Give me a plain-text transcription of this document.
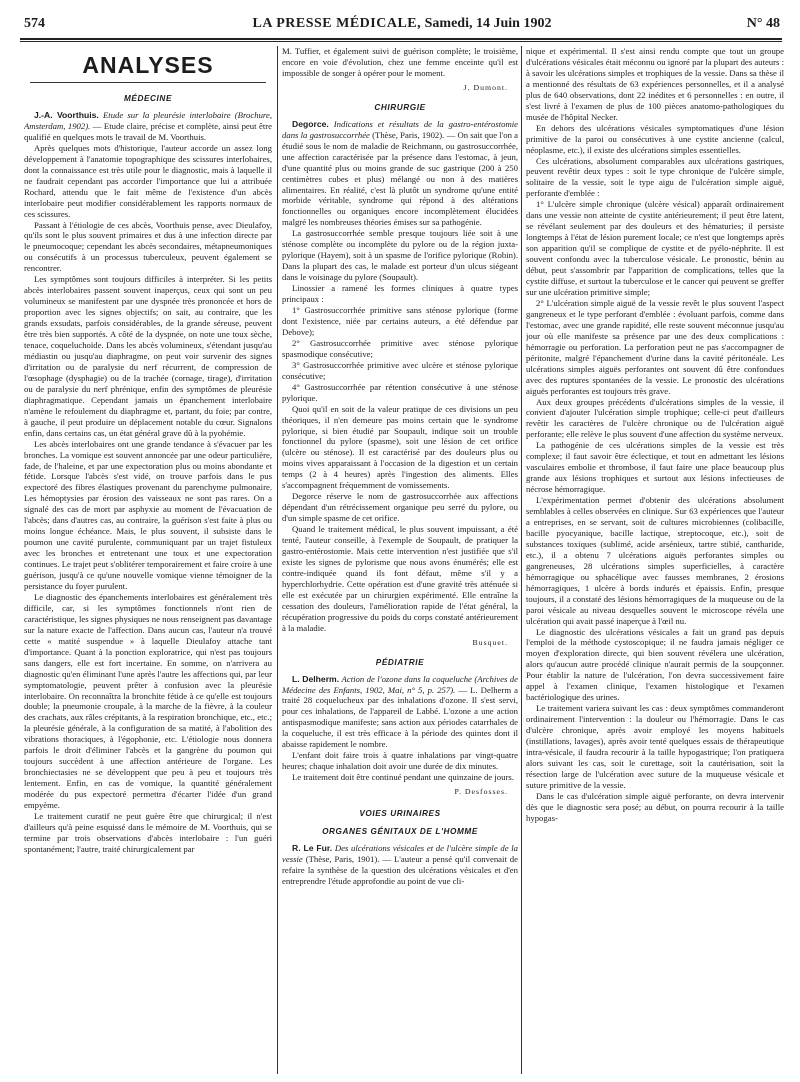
574	LA PRESSE MÉDICALE, Samedi, 14 Juin 1902	N° 48
ANALYSES
MÉDECINE

J.-A. Voorthuis. Etude sur la pleurésie interlobaire (Brochure, Amsterdam, 1902). — Etude claire, précise et complète, ainsi peut être qualifié en quelques mots le travail de M. Voorthuis.

Après quelques mots d'historique, l'auteur accorde un assez long développement à l'anatomie topographique des scissures interlobaires, dont la connaissance est très utile pour le diagnostic, mais à laquelle il ne faudrait cependant pas accorder l'importance que lui a attribuée Rochard, attendu que le fait même de l'existence d'un abcès interlobaire peut modifier considérablement les rapports normaux de ces scissures.

Passant à l'étiologie de ces abcès, Voorthuis pense, avec Dieulafoy, qu'ils sont le plus souvent primaires et dus à une infection directe par le pneumocoque; cependant les abcès secondaires, métapneumoniques ou consécutifs à un processus tuberculeux, peuvent également se rencontrer.

Les symptômes sont toujours difficiles à interpréter. Si les petits abcès interlobaires passent souvent inaperçus, ceux qui sont un peu volumineux se manifestent par une dyspnée très prononcée et hors de proportion avec les signes objectifs; on sait, au contraire, que les grands exsudats, parfois considérables, de la grande séreuse, peuvent être très bien supportés. A côté de la dyspnée, on note une toux sèche, tenace, coqueluchoïde. Dans les abcès volumineux, s'étendant jusqu'au médiastin ou jusqu'au diaphragme, on peut voir survenir des signes d'irritation ou de paralysie du nerf récurrent, de compression de l'œsophage (dysphagie) ou de la trachée (cornage, tirage), d'irritation ou de paralysie du nerf phrénique, enfin des symptômes de pleurésie diaphragmatique. Cependant jamais un épanchement interlobaire n'amène le refoulement du diaphragme et, partant, du foie; par contre, à gauche, il peut produire un déplacement notable du cœur. Signalons enfin, dans certains cas, un état général grave dû à la pyohémie.

Les abcès interlobaires ont une grande tendance à s'évacuer par les bronches. La vomique est souvent annoncée par une odeur particulière, fade, de l'haleine, et par une expectoration plus ou moins abondante et fétide. Lorsque l'abcès s'est vidé, on trouve parfois dans le pus expectoré des fibres élastiques provenant du parenchyme pulmonaire. Les hémoptysies par érosion des vaisseaux ne sont pas rares. On a signalé des cas de mort par asphyxie au moment de l'évacuation de l'abcès; dans d'autres cas, au contraire, la guérison s'est faite à plus ou moins longue échéance. Mais, le plus souvent, il subsiste dans le poumon une cavité purulente, communiquant par un trajet fistuleux avec les bronches et entretenant une toux et une expectoration continues. Le trajet peut s'oblitérer temporairement et faire croire à une guérison, jusqu'à ce qu'une nouvelle vomique vienne témoigner de la persistance du foyer purulent.

Le diagnostic des épanchements interlobaires est généralement très difficile, car, si les symptômes fonctionnels n'ont rien de caractéristique, les signes physiques ne nous renseignent pas davantage sur la nature exacte de l'affection. Dans aucun cas, l'auteur n'a trouvé cette « matité suspendue » à laquelle Dieulafoy attache tant d'importance. Quant à la ponction exploratrice, qui n'est pas toujours sans dangers, elle est fort incertaine. En somme, on n'arrivera au diagnostic qu'en éliminant l'une après l'autre les affections qui, par leur symptomatologie, peuvent prêter à confusion avec la pleurésie interlobaire. On reconnaîtra la bronchite fétide à ce qu'elle est toujours double; la pneumonie croupale, à la marche de la fièvre, à la couleur des crachats, aux râles crépitants, à la respiration bronchique, etc., etc.; la pleurésie générale, à la configuration de sa matité, à l'abolition des vibrations thoraciques, à l'égophonie, etc. L'étiologie nous donnera parfois le droit d'éliminer l'abcès et la gangrène du poumon qui toujours succèdent à une affection antérieure de l'organe. Les bronchiectasies ne se développent que peu à peu et toujours très lentement. Enfin, en cas de vomique, la quantité généralement modérée du pus expectoré permettra d'écarter l'idée d'un grand empyème.

Le traitement curatif ne peut guère être que chirurgical; il n'est d'ailleurs qu'à peine esquissé dans le mémoire de M. Voorthuis, qui se termine par trois observations d'abcès interlobaire : l'un guéri spontanément; l'autre, traité chirurgicalement par

M. Tuffier, et également suivi de guérison complète; le troisième, encore en voie d'évolution, chez une femme enceinte qu'il est impossible de songer à opérer pour le moment.

J. Dumont.
CHIRURGIE

Degorce. Indications et résultats de la gastro-entérostomie dans la gastrosuccorrhée (Thèse, Paris, 1902). — On sait que l'on a étudié sous le nom de maladie de Reichmann, ou gastrosuccorrhée, une affection caractérisée par la présence dans l'estomac, à jeun, d'une quantité plus ou moins grande de suc gastrique (200 à 250 centimètres cubes et plus) mélangé ou non à des matières alimentaires. En réalité, c'est là plutôt un syndrome qu'une entité morbide véritable, syndrome qui répond à des altérations fonctionnelles ou organiques encore incomplètement élucidées malgré les nombreuses théories émises sur sa pathogénie.

La gastrosuccorrhée semble presque toujours liée soit à une sténose complète ou incomplète du pylore ou de la région juxta-pylorique (Hayem), soit à un spasme de l'orifice pylorique (Robin). Dans la plupart des cas, le malade est porteur d'un ulcus siégeant dans le voisinage du pylore (Soupault).

Linossier a ramené les formes cliniques à quatre types principaux :

1° Gastrosuccorrhée primitive sans sténose pylorique (forme dont l'existence, niée par certains auteurs, a été défendue par Debove);

2° Gastrosuccorrhée primitive avec sténose pylorique spasmodique consécutive;

3° Gastrosuccorrhée primitive avec ulcère et sténose pylorique consécutive;

4° Gastrosuccorrhée par rétention consécutive à une sténose pylorique.

Quoi qu'il en soit de la valeur pratique de ces divisions un peu théoriques, il n'en demeure pas moins certain que le syndrome pylorique, si bien étudié par Soupault, indique soit un trouble fonctionnel du pylore (spasme), soit une lésion de cet orifice (ulcère ou sténose). Il est caractérisé par des douleurs plus ou moins vives apparaissant à l'occasion de la digestion et un certain temps (2 à 4 heures) après l'ingestion des aliments. Elles s'accompagnent fréquemment de vomissements.

Degorce réserve le nom de gastrosuccorrhée aux affections dépendant d'un rétrécissement organique peu serré du pylore, ou d'un simple spasme de cet orifice.

Quand le traitement médical, le plus souvent impuissant, a été tenté, l'auteur conseille, à l'exemple de Soupault, de pratiquer la gastro-entérostomie. Mais cette intervention n'est justifiée que s'il existe les signes de pylorisme que nous avons énumérés; elle est contre-indiquée quand ils font défaut, même s'il y a hyperchlorhydrie. Cette opération est d'une gravité très atténuée si elle est exécutée par un chirurgien expérimenté. Elle entraîne la cessation des douleurs, l'amélioration rapide de l'état général, la récupération progressive du poids du corps constaté antérieurement à la maladie.

Busquet.
PÉDIATRIE

L. Delherm. Action de l'ozone dans la coqueluche (Archives de Médecine des Enfants, 1902, Mai, n° 5, p. 257). — L. Delherm a traité 28 coquelucheux par des inhalations d'ozone. Il s'est servi, pour ces inhalations, de l'appareil de Labbé. L'ozone a une action antispasmodique manifeste; sans action aux périodes catarrhales de la coqueluche, il est très efficace à la période des quintes dont il abaisse rapidement le nombre.

L'enfant doit faire trois à quatre inhalations par vingt-quatre heures; chaque inhalation doit avoir une durée de dix minutes.

Le traitement doit être continué pendant une quinzaine de jours.

P. Desfosses.
VOIES URINAIRES
ORGANES GÉNITAUX DE L'HOMME

R. Le Fur. Des ulcérations vésicales et de l'ulcère simple de la vessie (Thèse, Paris, 1901). — L'auteur a pensé qu'il convenait de refaire la synthèse de la question des ulcérations vésicales et d'en entreprendre l'étude approfondie au point de vue cli-

nique et expérimental. Il s'est ainsi rendu compte que tout un groupe d'ulcérations vésicales était méconnu ou ignoré par la plupart des auteurs : à savoir les ulcérations simples et trophiques de la vessie. Dans sa thèse il a mentionné des résultats de 63 expériences personnelles, et il a analysé plus de 640 observations, dont 22 inédites et 6 personnelles : en outre, il s'est livré à l'examen de plus de 100 pièces anatomo-pathologiques du musée de l'hôpital Necker.

En dehors des ulcérations vésicales symptomatiques d'une lésion primitive de la paroi ou consécutives à une cystite ancienne (calcul, néoplasme, etc.), il existe des ulcérations simples essentielles.

Ces ulcérations, absolument comparables aux ulcérations gastriques, peuvent revêtir deux types : soit le type chronique de l'ulcère simple, solitaire de la vessie, soit le type aigu de l'ulcération simple aiguë, perforante d'emblée :

1° L'ulcère simple chronique (ulcère vésical) apparaît ordinairement dans une vessie non atteinte de cystite antérieurement; il peut être latent, se révélant seulement par des douleurs et des hématuries; il persiste longtemps à l'état de lésion purement locale; ce n'est que longtemps après son apparition qu'il se complique de cystite et de pyélo-néphrite. Il est souvent confondu avec la tuberculose vésicale. Le pronostic, bénin au début, peut s'assombrir par l'apparition de complications, telles que la cystite diffuse, et surtout la tuberculose et le cancer qui peuvent se greffer sur une ulcération primitive simple;

2° L'ulcération simple aiguë de la vessie revêt le plus souvent l'aspect gangreneux et le type perforant d'emblée : évoluant parfois, comme dans l'estomac, avec une grande rapidité, elle reste souvent méconnue jusqu'au jour où elle manifeste sa présence par une des deux complications : hémorragie ou perforation. La perforation peut ne pas s'accompagner de péritonite, malgré l'épanchement d'urine dans la cavité péritonéale. Les ulcérations simples aiguës perforantes ont souvent dû être confondues avec des ruptures spontanées de la vessie. Le pronostic des ulcérations aiguës perforantes est toujours très grave.

Aux deux groupes précédents d'ulcérations simples de la vessie, il convient d'ajouter l'ulcération simple trophique; celle-ci peut d'ailleurs revêtir les caractères de l'ulcère chronique ou de l'ulcération aiguë perforante; elle relève le plus souvent d'une affection du système nerveux.

La pathogénie de ces ulcérations simples de la vessie est très complexe; il faut savoir être éclectique, et tout en admettant les lésions vasculaires embolie et thrombose, il faut faire une place beaucoup plus grande aux lésions trophiques et surtout aux lésions infectieuses de nécrose hémorragique.

L'expérimentation permet d'obtenir des ulcérations absolument semblables à celles observées en clinique. Sur 63 expériences que l'auteur a entreprises, en se servant, soit de cultures microbiennes (colibacille, bacille pyocyanique, bacille lactique, streptocoque, etc.), soit de substances toxiques (sublimé, acide arsénieux, tartre stibié, cantharide, etc.), il a obtenu 7 ulcérations aiguës perforantes simples ou gangreneuses, 28 ulcérations simples superficielles, à caractère hémorragique ou sphacélique avec fausses membranes, 2 érosions hémorragiques, 1 ulcère à bords indurés et épaissis. Enfin, presque toujours, il a constaté des lésions hémorragiques de la muqueuse ou de la paroi vésicale au niveau desquelles souvent le microscope révéla une ulcération qui avait passé inaperçue à l'œil nu.

Le diagnostic des ulcérations vésicales a fait un grand pas depuis l'emploi de la méthode cystoscopique; il ne faudra jamais négliger ce moyen d'exploration directe, qui bien souvent révélera une ulcération, alors qu'aucun autre procédé clinique n'aurait permis de la soupçonner. Pour établir la nature de l'ulcération, l'on devra successivement faire appel à l'examen clinique, l'examen histologique et l'examen bactériologique des urines.

Le traitement variera suivant les cas : deux symptômes commanderont ordinairement l'intervention : la douleur ou l'hémorragie. Dans le cas d'ulcère chronique, après avoir employé les moyens habituels (instillations, lavages), après avoir tenté quelques essais de thérapeutique intra-vésicale, il faudra recourir à la taille hypogastrique; l'on pratiquera alors suivant les cas, soit le curettage, soit la cautérisation, soit la résection large de l'ulcération avec suture de la muqueuse vésicale et suture primitive de la vessie.

Dans le cas d'ulcération simple aiguë perforante, on devra intervenir dès que le diagnostic sera posé; au début, on pourra recourir à la taille hypogas-
